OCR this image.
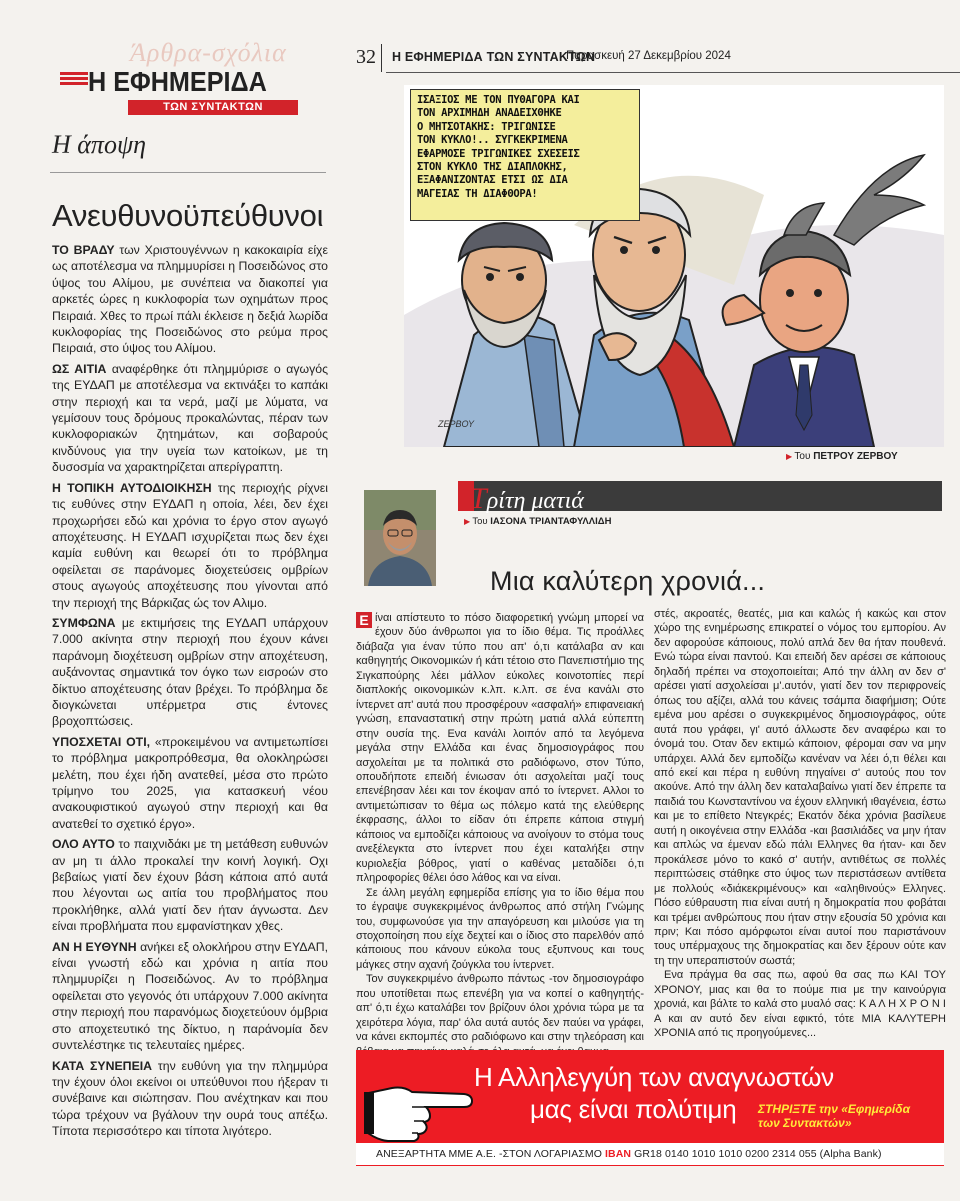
Άρθρα-σχόλια
Η ΕΦΗΜΕΡΙΔΑ
ΤΩΝ ΣΥΝΤΑΚΤΩΝ
Η άποψη
Ανευθυνοϋπεύθυνοι

ΤΟ ΒΡΑΔΥ των Χριστουγέννων η κακοκαιρία είχε ως αποτέλεσμα να πλημμυρίσει η Ποσειδώνος στο ύψος του Αλίμου, με συνέπεια να διακοπεί για αρκετές ώρες η κυκλοφορία των οχημάτων προς Πειραιά. Χθες το πρωί πάλι έκλεισε η δεξιά λωρίδα κυκλοφορίας της Ποσειδώνος στο ρεύμα προς Πειραιά, στο ύψος του Αλίμου.

ΩΣ ΑΙΤΙΑ αναφέρθηκε ότι πλημμύρισε ο αγωγός της ΕΥΔΑΠ με αποτέλεσμα να εκτινάξει το καπάκι στην περιοχή και τα νερά, μαζί με λύματα, να γεμίσουν τους δρόμους προκαλώντας, πέραν των κυκλοφοριακών ζητημάτων, και σοβαρούς κινδύνους για την υγεία των κατοίκων, με τη δυσοσμία να χαρακτηρίζεται απερίγραπτη.

Η ΤΟΠΙΚΗ ΑΥΤΟΔΙΟΙΚΗΣΗ της περιοχής ρίχνει τις ευθύνες στην ΕΥΔΑΠ η οποία, λέει, δεν έχει προχωρήσει εδώ και χρόνια το έργο στον αγωγό αποχέτευσης. Η ΕΥΔΑΠ ισχυρίζεται πως δεν έχει καμία ευθύνη και θεωρεί ότι το πρόβλημα οφείλεται σε παράνομες διοχετεύσεις ομβρίων στους αγωγούς αποχέτευσης που γίνονται από την περιοχή της Βάρκιζας ώς τον Αλιμο.

ΣΥΜΦΩΝΑ με εκτιμήσεις της ΕΥΔΑΠ υπάρχουν 7.000 ακίνητα στην περιοχή που έχουν κάνει παράνομη διοχέτευση ομβρίων στην αποχέτευση, αυξάνοντας σημαντικά τον όγκο των εισροών στο δίκτυο αποχέτευσης όταν βρέχει. Το πρόβλημα δε διογκώνεται υπέρμετρα στις έντονες βροχοπτώσεις.

ΥΠΟΣΧΕΤΑΙ ΟΤΙ, «προκειμένου να αντιμετωπίσει το πρόβλημα μακροπρόθεσμα, θα ολοκληρώσει μελέτη, που έχει ήδη ανατεθεί, μέσα στο πρώτο τρίμηνο του 2025, για κατασκευή νέου ανακουφιστικού αγωγού στην περιοχή και θα ανατεθεί το σχετικό έργο».

ΟΛΟ ΑΥΤΟ το παιχνιδάκι με τη μετάθεση ευθυνών αν μη τι άλλο προκαλεί την κοινή λογική. Οχι βεβαίως γιατί δεν έχουν βάση κάποια από αυτά που λέγονται ως αιτία του προβλήματος που προκλήθηκε, αλλά γιατί δεν ήταν άγνωστα. Δεν είναι προβλήματα που εμφανίστηκαν χθες.

ΑΝ Η ΕΥΘΥΝΗ ανήκει εξ ολοκλήρου στην ΕΥΔΑΠ, είναι γνωστή εδώ και χρόνια η αιτία που πλημμυρίζει η Ποσειδώνος. Αν το πρόβλημα οφείλεται στο γεγονός ότι υπάρχουν 7.000 ακίνητα στην περιοχή που παρανόμως διοχετεύουν όμβρια στο αποχετευτικό της δίκτυο, η παράνομία δεν συντελέστηκε τις τελευταίες ημέρες.

ΚΑΤΑ ΣΥΝΕΠΕΙΑ την ευθύνη για την πλημμύρα την έχουν όλοι εκείνοι οι υπεύθυνοι που ήξεραν τι συνέβαινε και σιώπησαν. Που ανέχτηκαν και που τώρα τρέχουν να βγάλουν την ουρά τους απέξω. Τίποτα περισσότερο και τίποτα λιγότερο.

32 Η ΕΦΗΜΕΡΙΔΑ ΤΩΝ ΣΥΝΤΑΚΤΩΝ
Παρασκευή 27 Δεκεμβρίου 2024
ΙΣΑΞΙΟΣ ΜΕ ΤΟΝ ΠΥΘΑΓΟΡΑ ΚΑΙ
ΤΟΝ ΑΡΧΙΜΗΔΗ ΑΝΑΔΕΙΧΘΗΚΕ
Ο ΜΗΤΣΟΤΑΚΗΣ: ΤΡΙΓΩΝΙΣΕ
ΤΟΝ ΚΥΚΛΟ!.. ΣΥΓΚΕΚΡΙΜΕΝΑ
ΕΦΑΡΜΟΣΕ ΤΡΙΓΩΝΙΚΕΣ ΣΧΕΣΕΙΣ
ΣΤΟΝ ΚΥΚΛΟ ΤΗΣ ΔΙΑΠΛΟΚΗΣ,
ΕΞΑΦΑΝΙΖΟΝΤΑΣ ΕΤΣΙ ΩΣ ΔΙΑ
ΜΑΓΕΙΑΣ ΤΗ ΔΙΑΦΘΟΡΑ!
ΖΕΡΒΟΥ
▶ Του ΠΕΤΡΟΥ ΖΕΡΒΟΥ
Τρίτη ματιά
▶ Του ΙΑΣΟΝΑ ΤΡΙΑΝΤΑΦΥΛΛΙΔΗ
Μια καλύτερη χρονιά...

Ε ίναι απίστευτο το πόσο διαφορετική γνώμη μπορεί να έχουν δύο άνθρωποι για το ίδιο θέμα. Τις προάλλες διάβαζα για έναν τύπο που απ' ό,τι κατάλαβα αν και καθηγητής Οικονομικών ή κάτι τέτοιο στο Πανεπιστήμιο της Σιγκαπούρης λέει μάλλον εύκολες κοινοτοπίες περί διαπλοκής οικονομικών κ.λπ. κ.λπ. σε ένα κανάλι στο ίντερνετ απ' αυτά που προσφέρουν «ασφαλή» επιφανειακή γνώση, επαναστατική στην πρώτη ματιά αλλά εύπεπτη στην ουσία της. Ενα κανάλι λοιπόν από τα λεγόμενα μεγάλα στην Ελλάδα και ένας δημοσιογράφος που ασχολείται με τα πολιτικά στο ραδιόφωνο, στον Τύπο, οπουδήποτε επειδή ένιωσαν ότι ασχολείται μαζί τους επενέβησαν λέει και τον έκοψαν από το ίντερνετ. Αλλοι το αντιμετώπισαν το θέμα ως πόλεμο κατά της ελεύθερης έκφρασης, άλλοι το είδαν ότι έπρεπε κάποια στιγμή κάποιος να εμποδίζει κάποιους να ανοίγουν το στόμα τους ανεξέλεγκτα στο ίντερνετ που έχει καταλήξει στην κυριολεξία βόθρος, γιατί ο καθένας μεταδίδει ό,τι πληροφορίες θέλει όσο λάθος και να είναι.

Σε άλλη μεγάλη εφημερίδα επίσης για το ίδιο θέμα που το έγραψε συγκεκριμένος άνθρωπος από στήλη Γνώμης του, συμφωνούσε για την απαγόρευση και μιλούσε για τη στοχοποίηση που είχε δεχτεί και ο ίδιος στο παρελθόν από κάποιους που κάνουν εύκολα τους εξυπνους και τους μάγκες στην αχανή ζούγκλα του ίντερνετ.

Τον συγκεκριμένο άνθρωπο πάντως -τον δημοσιογράφο που υποτίθεται πως επενέβη για να κοπεί ο καθηγητής- απ' ό,τι έχω καταλάβει τον βρίζουν όλοι χρόνια τώρα με τα χειρότερα λόγια, παρ' όλα αυτά αυτός δεν παύει να γράφει, να κάνει εκπομπές στο ραδιόφωνο και στην τηλεόραση και

στές, ακροατές, θεατές, μια και καλώς ή κακώς και στον χώρο της ενημέρωσης επικρατεί ο νόμος του εμπορίου. Αν δεν αφορούσε κάποιους, πολύ απλά δεν θα ήταν πουθενά. Ενώ τώρα είναι παντού. Και επειδή δεν αρέσει σε κάποιους δηλαδή πρέπει να στοχοποιείται; Από την άλλη αν δεν σ' αρέσει γιατί ασχολείσαι μ'.αυτόν, γιατί δεν τον περιφρονείς όπως του αξίζει, αλλά του κάνεις τσάμπα διαφήμιση; Ούτε εμένα μου αρέσει ο συγκεκριμένος δημοσιογράφος, ούτε αυτά που γράφει, γι' αυτό άλλωστε δεν αναφέρω και το όνομά του. Οταν δεν εκτιμώ κάποιον, φέρομαι σαν να μην υπάρχει. Αλλά δεν εμποδίζω κανέναν να λέει ό,τι θέλει και από εκεί και πέρα η ευθύνη πηγαίνει σ' αυτούς που τον ακούνε. Από την άλλη δεν καταλαβαίνω γιατί δεν έπρεπε τα παιδιά του Κωνσταντίνου να έχουν ελληνική ιθαγένεια, έστω και με το επίθετο Ντεγκρές; Εκατόν δέκα χρόνια βασίλευε αυτή η οικογένεια στην Ελλάδα -και βασιλιάδες να μην ήταν και απλώς να έμεναν εδώ πάλι Ελληνες θα ήταν- και δεν προκάλεσε μόνο το κακό σ' αυτήν, αντιθέτως σε πολλές περιπτώσεις στάθηκε στο ύψος των περιστάσεων αντίθετα με πολλούς «διάκεκριμένους» και «αληθινούς» Ελληνες. Πόσο εύθραυστη πια είναι αυτή η δημοκρατία που φοβάται και τρέμει ανθρώπους που ήταν στην εξουσία 50 χρόνια και πριν; Και πόσο αμόρφωτοι είναι αυτοί που παριστάνουν τους υπέρμαχους της δημοκρατίας και δεν ξέρουν ούτε καν τη την υπεραπιστούν σωστά;

Ενα πράγμα θα σας πω, αφού θα σας πω ΚΑΙ ΤΟΥ ΧΡΟΝΟΥ, μιας και θα το πούμε πια με την καινούργια χρονιά, και βάλτε το καλά στο μυαλό σας: Κ Α Λ Η Χ Ρ Ο Ν Ι Α και αν αυτό δεν είναι εφικτό, τότε ΜΙΑ ΚΑΛΥΤΕΡΗ ΧΡΟΝΙΑ από τις προηγούμενες...

Η Αλληλεγγύη των αναγνωστών
μας είναι πολύτιμη ΣΤΗΡΙΞΤΕ την «Εφημερίδα των Συντακτών»
ΑΝΕΞΑΡΤΗΤΑ ΜΜΕ Α.Ε. -ΣΤΟΝ ΛΟΓΑΡΙΑΣΜΟ IBAN GR18 0140 1010 1010 0200 2314 055 (Alpha Bank)
